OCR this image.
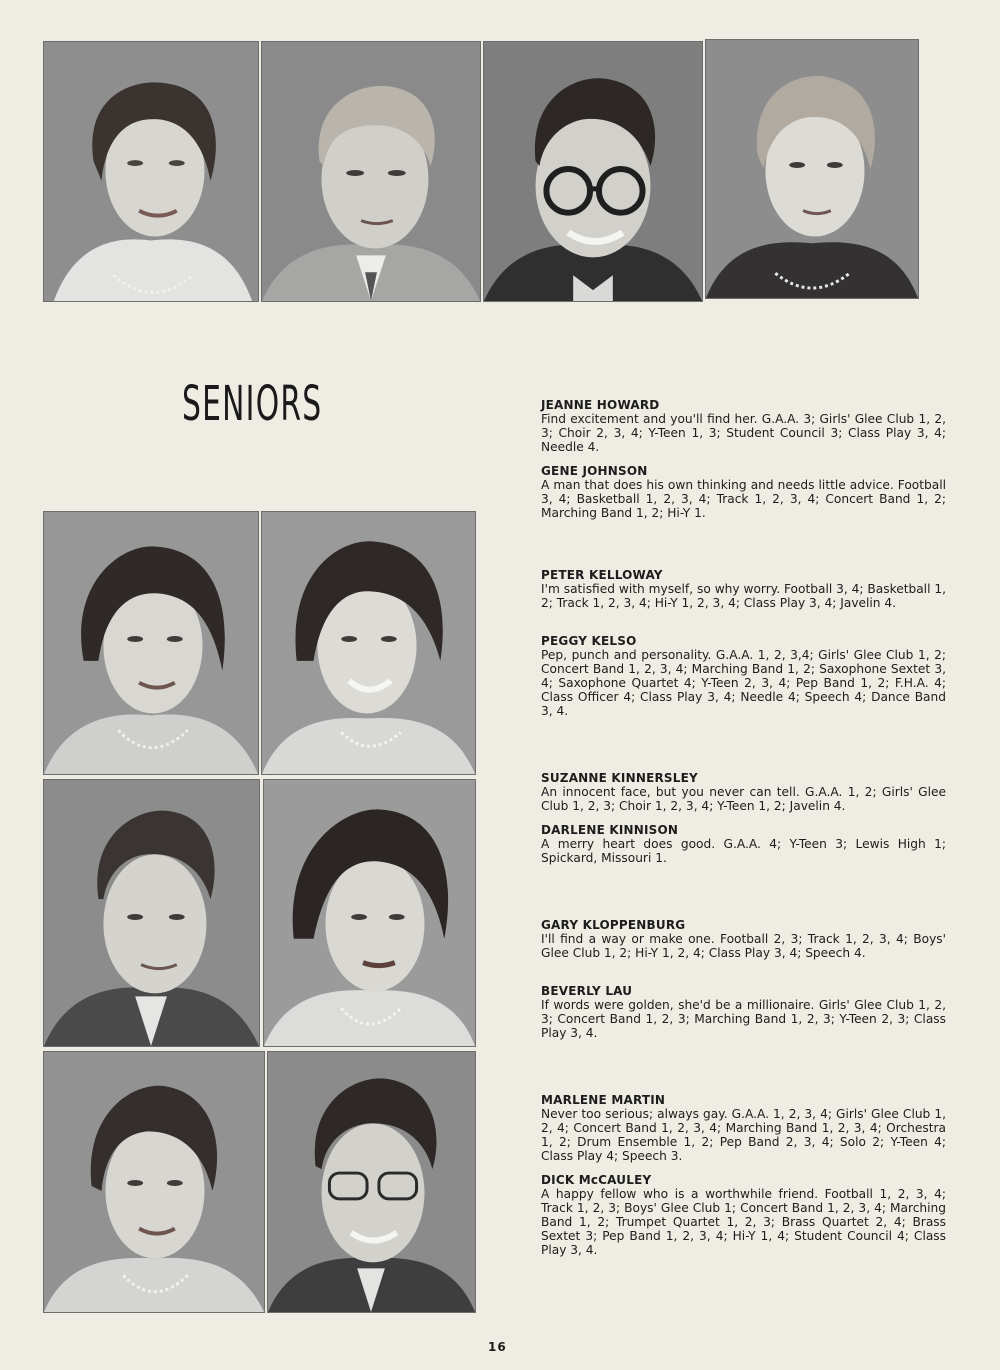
SENIORS	JEANNE HOWARD
Find excitement and you'll find her. G.A.A. 3; Girls' Glee Club 1, 2, 3; Choir 2, 3, 4; Y-Teen 1, 3; Student Council 3; Class Play 3, 4; Needle 4.
GENE JOHNSON
A man that does his own thinking and needs little advice. Football 3, 4; Basketball 1, 2, 3, 4; Track 1, 2, 3, 4; Concert Band 1, 2; Marching Band 1, 2; Hi-Y 1.
PETER KELLOWAY
I'm satisfied with myself, so why worry. Football 3, 4; Basketball 1, 2; Track 1, 2, 3, 4; Hi-Y 1, 2, 3, 4; Class Play 3, 4; Javelin 4.
PEGGY KELSO
Pep, punch and personality. G.A.A. 1, 2, 3,4; Girls' Glee Club 1, 2; Concert Band 1, 2, 3, 4; Marching Band 1, 2; Saxophone Sextet 3, 4; Saxophone Quartet 4; Y-Teen 2, 3, 4; Pep Band 1, 2; F.H.A. 4; Class Officer 4; Class Play 3, 4; Needle 4; Speech 4; Dance Band 3, 4.
SUZANNE KINNERSLEY
An innocent face, but you never can tell. G.A.A. 1, 2; Girls' Glee Club 1, 2, 3; Choir 1, 2, 3, 4; Y-Teen 1, 2; Javelin 4.
DARLENE KINNISON
A merry heart does good. G.A.A. 4; Y-Teen 3; Lewis High 1; Spickard, Missouri 1.
GARY KLOPPENBURG
I'll find a way or make one. Football 2, 3; Track 1, 2, 3, 4; Boys' Glee Club 1, 2; Hi-Y 1, 2, 4; Class Play 3, 4; Speech 4.
BEVERLY LAU
If words were golden, she'd be a millionaire. Girls' Glee Club 1, 2, 3; Concert Band 1, 2, 3; Marching Band 1, 2, 3; Y-Teen 2, 3; Class Play 3, 4.
MARLENE MARTIN
Never too serious; always gay. G.A.A. 1, 2, 3, 4; Girls' Glee Club 1, 2, 4; Concert Band 1, 2, 3, 4; Marching Band 1, 2, 3, 4; Orchestra 1, 2; Drum Ensemble 1, 2; Pep Band 2, 3, 4; Solo 2; Y-Teen 4; Class Play 4; Speech 3.
DICK McCAULEY
A happy fellow who is a worthwhile friend. Football 1, 2, 3, 4; Track 1, 2, 3; Boys' Glee Club 1; Concert Band 1, 2, 3, 4; Marching Band 1, 2; Trumpet Quartet 1, 2, 3; Brass Quartet 2, 4; Brass Sextet 3; Pep Band 1, 2, 3, 4; Hi-Y 1, 4; Student Council 4; Class Play 3, 4.
16
